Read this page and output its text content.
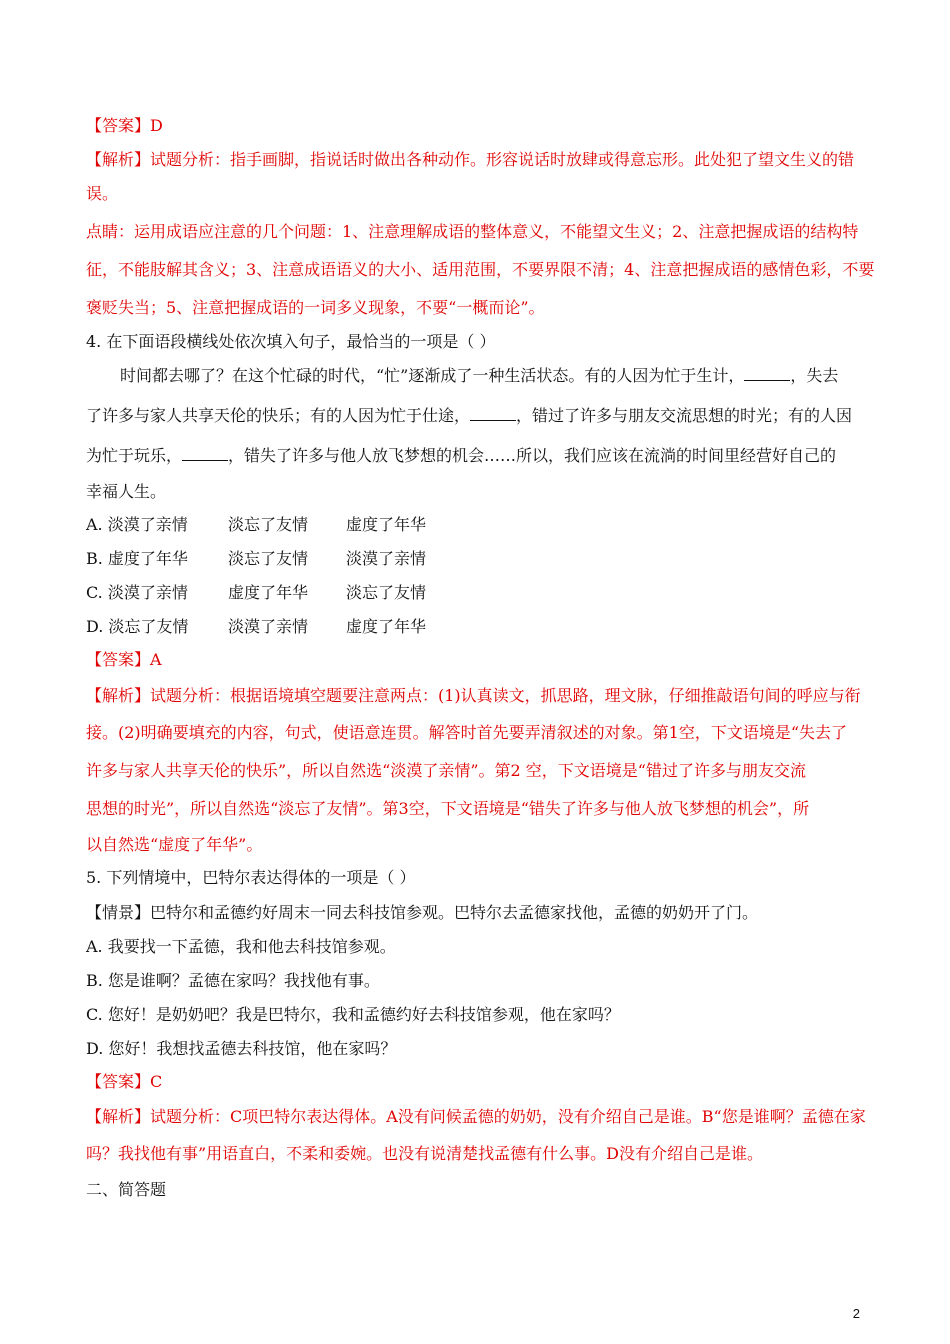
【答案】D
【解析】试题分析：指手画脚，指说话时做出各种动作。形容说话时放肆或得意忘形。此处犯了望文生义的错
误。
点睛：运用成语应注意的几个问题：1、注意理解成语的整体意义，不能望文生义；2、注意把握成语的结构特
征，不能肢解其含义；3、注意成语语义的大小、适用范围，不要界限不清；4、注意把握成语的感情色彩，不要
褒贬失当；5、注意把握成语的一词多义现象，不要“一概而论”。
4. 在下面语段横线处依次填入句子，最恰当的一项是（ ）
时间都去哪了？在这个忙碌的时代，“忙”逐渐成了一种生活状态。有的人因为忙于生计，	，失去
了许多与家人共享天伦的快乐；有的人因为忙于仕途，	，错过了许多与朋友交流思想的时光；有的人因
为忙于玩乐，	，错失了许多与他人放飞梦想的机会……所以，我们应该在流淌的时间里经营好自己的
幸福人生。
A. 淡漠了亲情	淡忘了友情 虚度了年华
B. 虚度了年华	淡忘了友情 淡漠了亲情
C. 淡漠了亲情	虚度了年华 淡忘了友情
D. 淡忘了友情 淡漠了亲情 虚度了年华
【答案】A
【解析】试题分析：根据语境填空题要注意两点：(1)认真读文，抓思路，理文脉，仔细推敲语句间的呼应与衔
接。(2)明确要填充的内容，句式，使语意连贯。解答时首先要弄清叙述的对象。第1空，下文语境是“失去了
许多与家人共享天伦的快乐”，所以自然选“淡漠了亲情”。第2 空，下文语境是“错过了许多与朋友交流
思想的时光”，所以自然选“淡忘了友情”。第3空，下文语境是“错失了许多与他人放飞梦想的机会”，所
以自然选“虚度了年华”。
5. 下列情境中，巴特尔表达得体的一项是（ ）
【情景】巴特尔和孟德约好周末一同去科技馆参观。巴特尔去孟德家找他，孟德的奶奶开了门。
A. 我要找一下孟德，我和他去科技馆参观。
B. 您是谁啊？孟德在家吗？我找他有事。
C. 您好！是奶奶吧？我是巴特尔，我和孟德约好去科技馆参观，他在家吗？
D. 您好！我想找孟德去科技馆，他在家吗？
【答案】C
【解析】试题分析：C项巴特尔表达得体。A没有问候孟德的奶奶，没有介绍自己是谁。B“您是谁啊？孟德在家
吗？我找他有事”用语直白，不柔和委婉。也没有说清楚找孟德有什么事。D没有介绍自己是谁。
二、简答题
2
